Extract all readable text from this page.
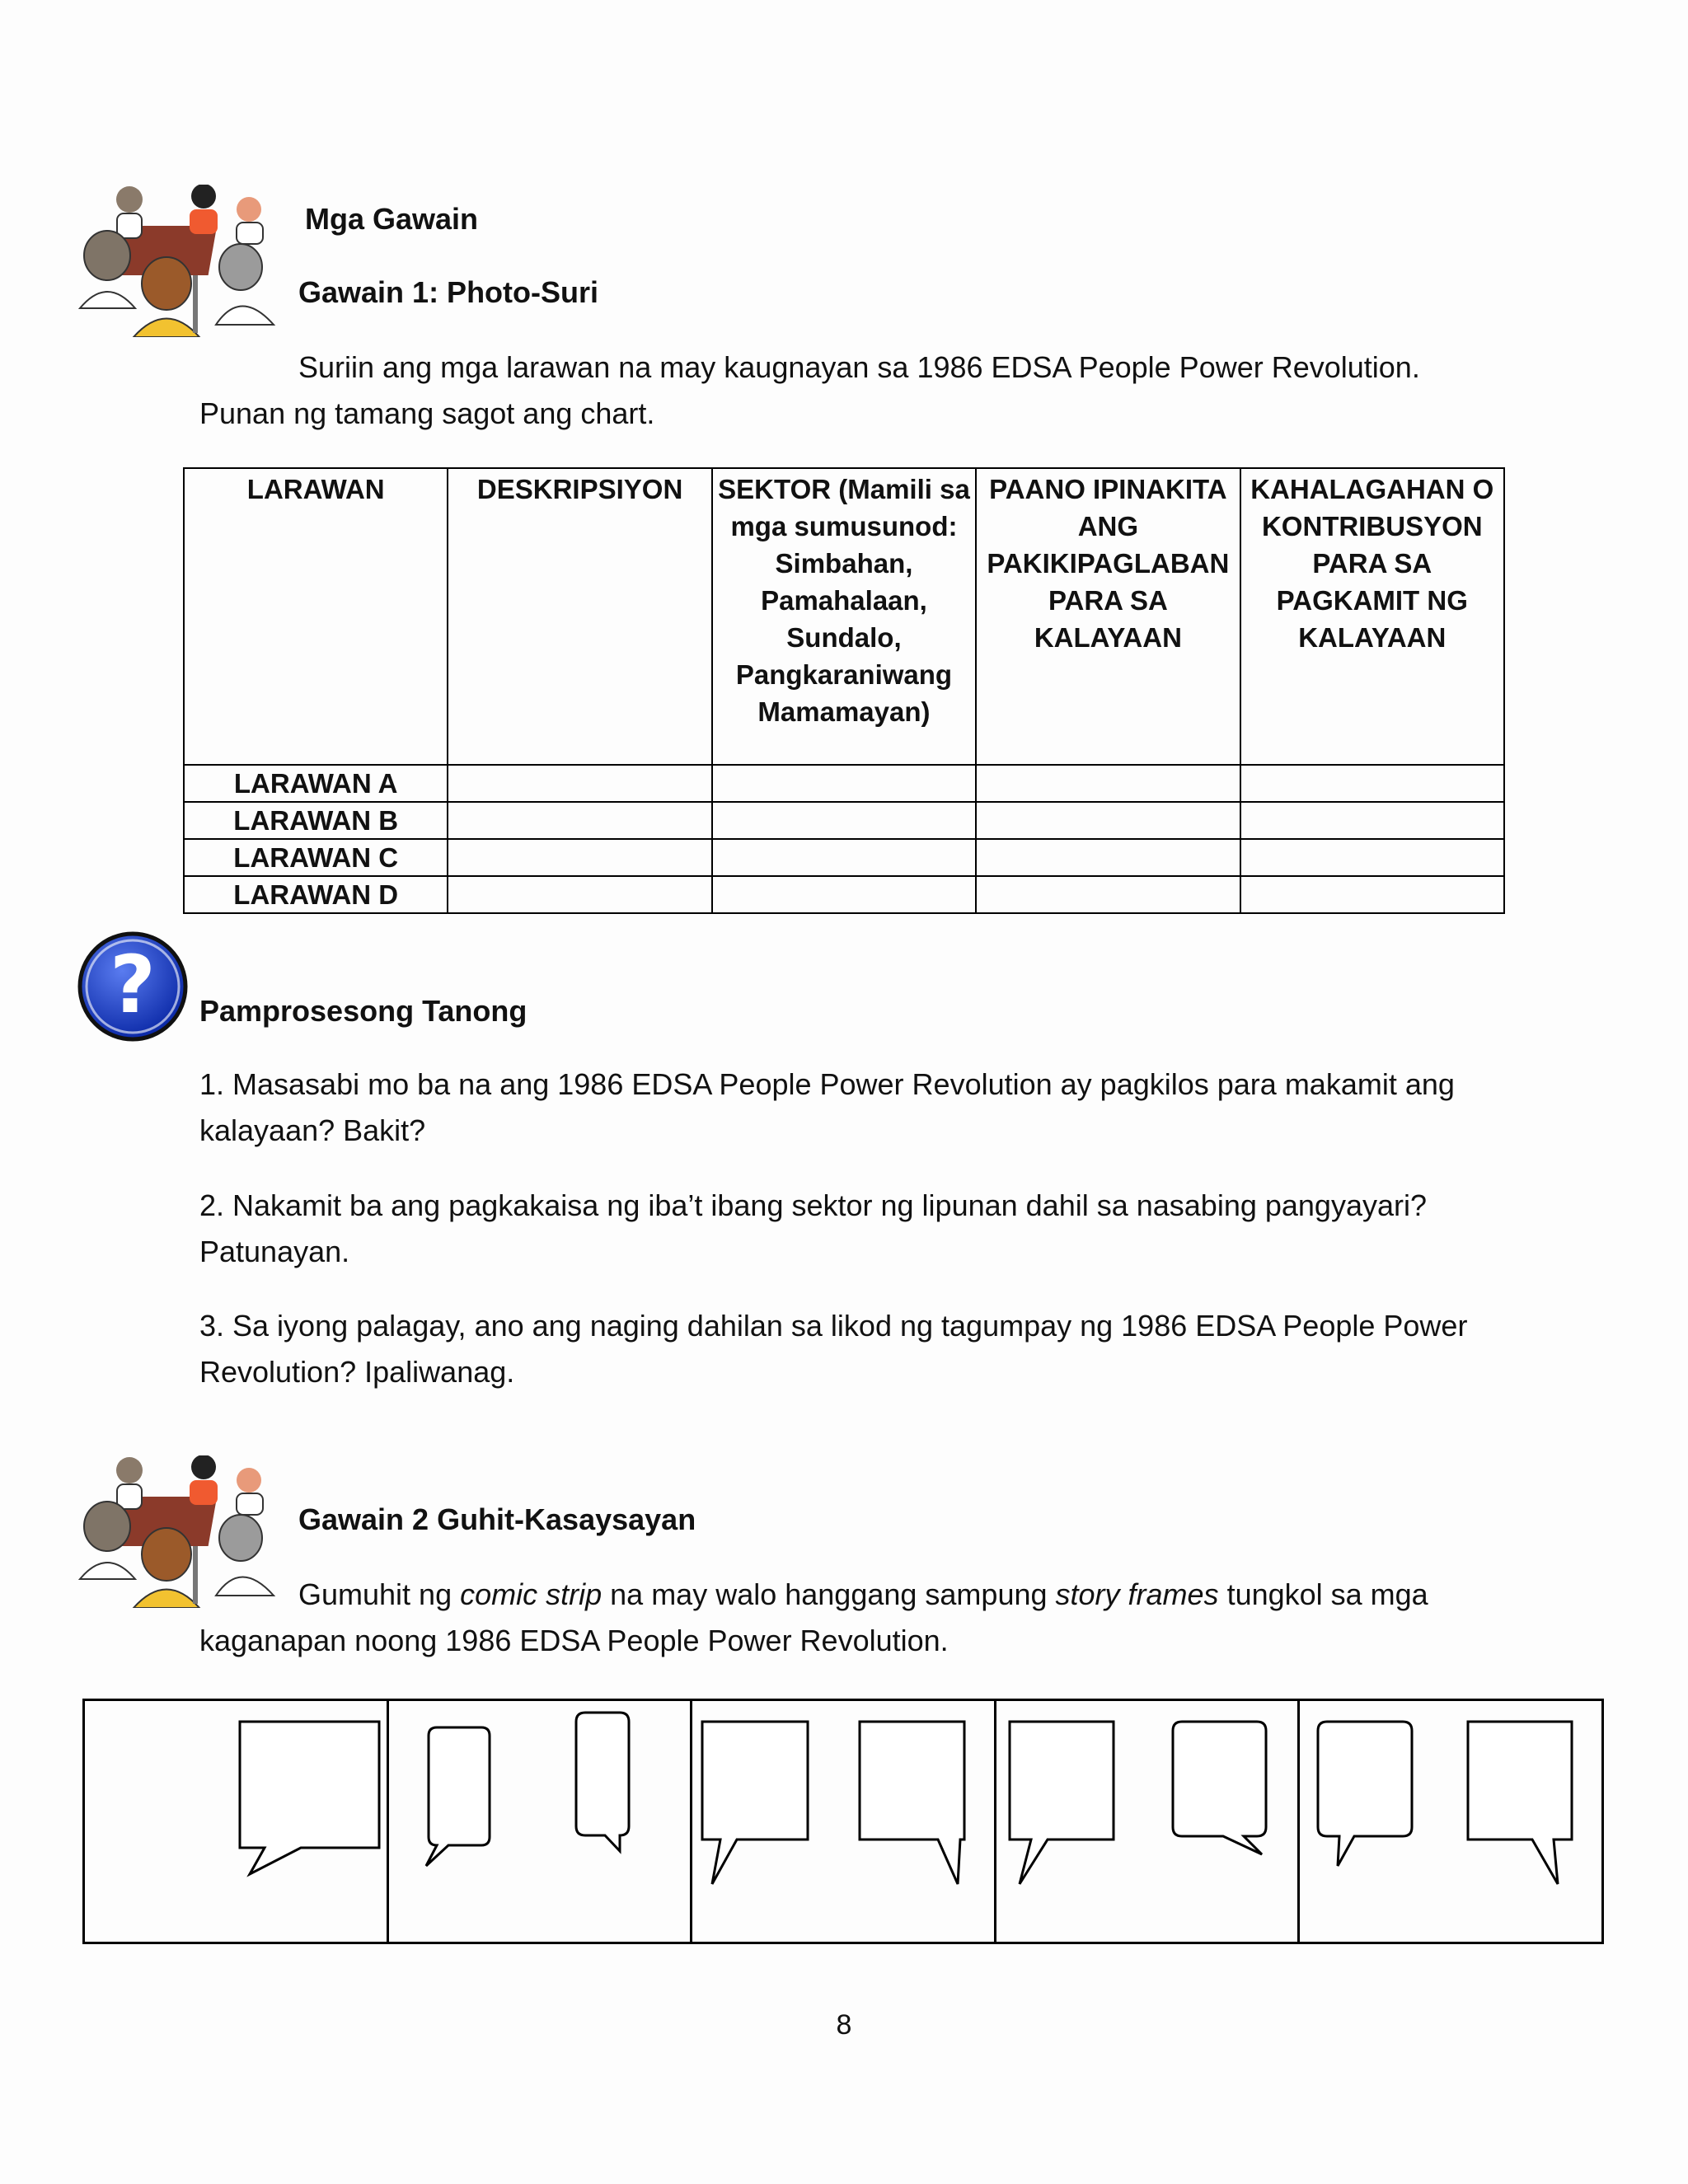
Mga Gawain
Gawain 1: Photo-Suri
Suriin ang mga larawan na may kaugnayan sa 1986 EDSA People Power Revolution.
Punan ng tamang sagot ang chart.
LARAWAN	DESKRIPSIYON	SEKTOR (Mamili sa mga sumusunod: Simbahan, Pamahalaan, Sundalo, Pangkaraniwang Mamamayan)	PAANO IPINAKITA ANG PAKIKIPAGLABAN PARA SA KALAYAAN	KAHALAGAHAN O KONTRIBUSYON PARA SA PAGKAMIT NG KALAYAAN
LARAWAN A				
LARAWAN B				
LARAWAN C				
LARAWAN D				
? Pamprosesong Tanong
1. Masasabi mo ba na ang 1986 EDSA People Power Revolution ay pagkilos para makamit ang
kalayaan? Bakit?
2. Nakamit ba ang pagkakaisa ng iba’t ibang sektor ng lipunan dahil sa nasabing pangyayari?
Patunayan.
3. Sa iyong palagay, ano ang naging dahilan sa likod ng tagumpay ng 1986 EDSA People Power
Revolution? Ipaliwanag.
Gawain 2 Guhit-Kasaysayan
Gumuhit ng comic strip na may walo hanggang sampung story frames tungkol sa mga
kaganapan noong 1986 EDSA People Power Revolution.
8
